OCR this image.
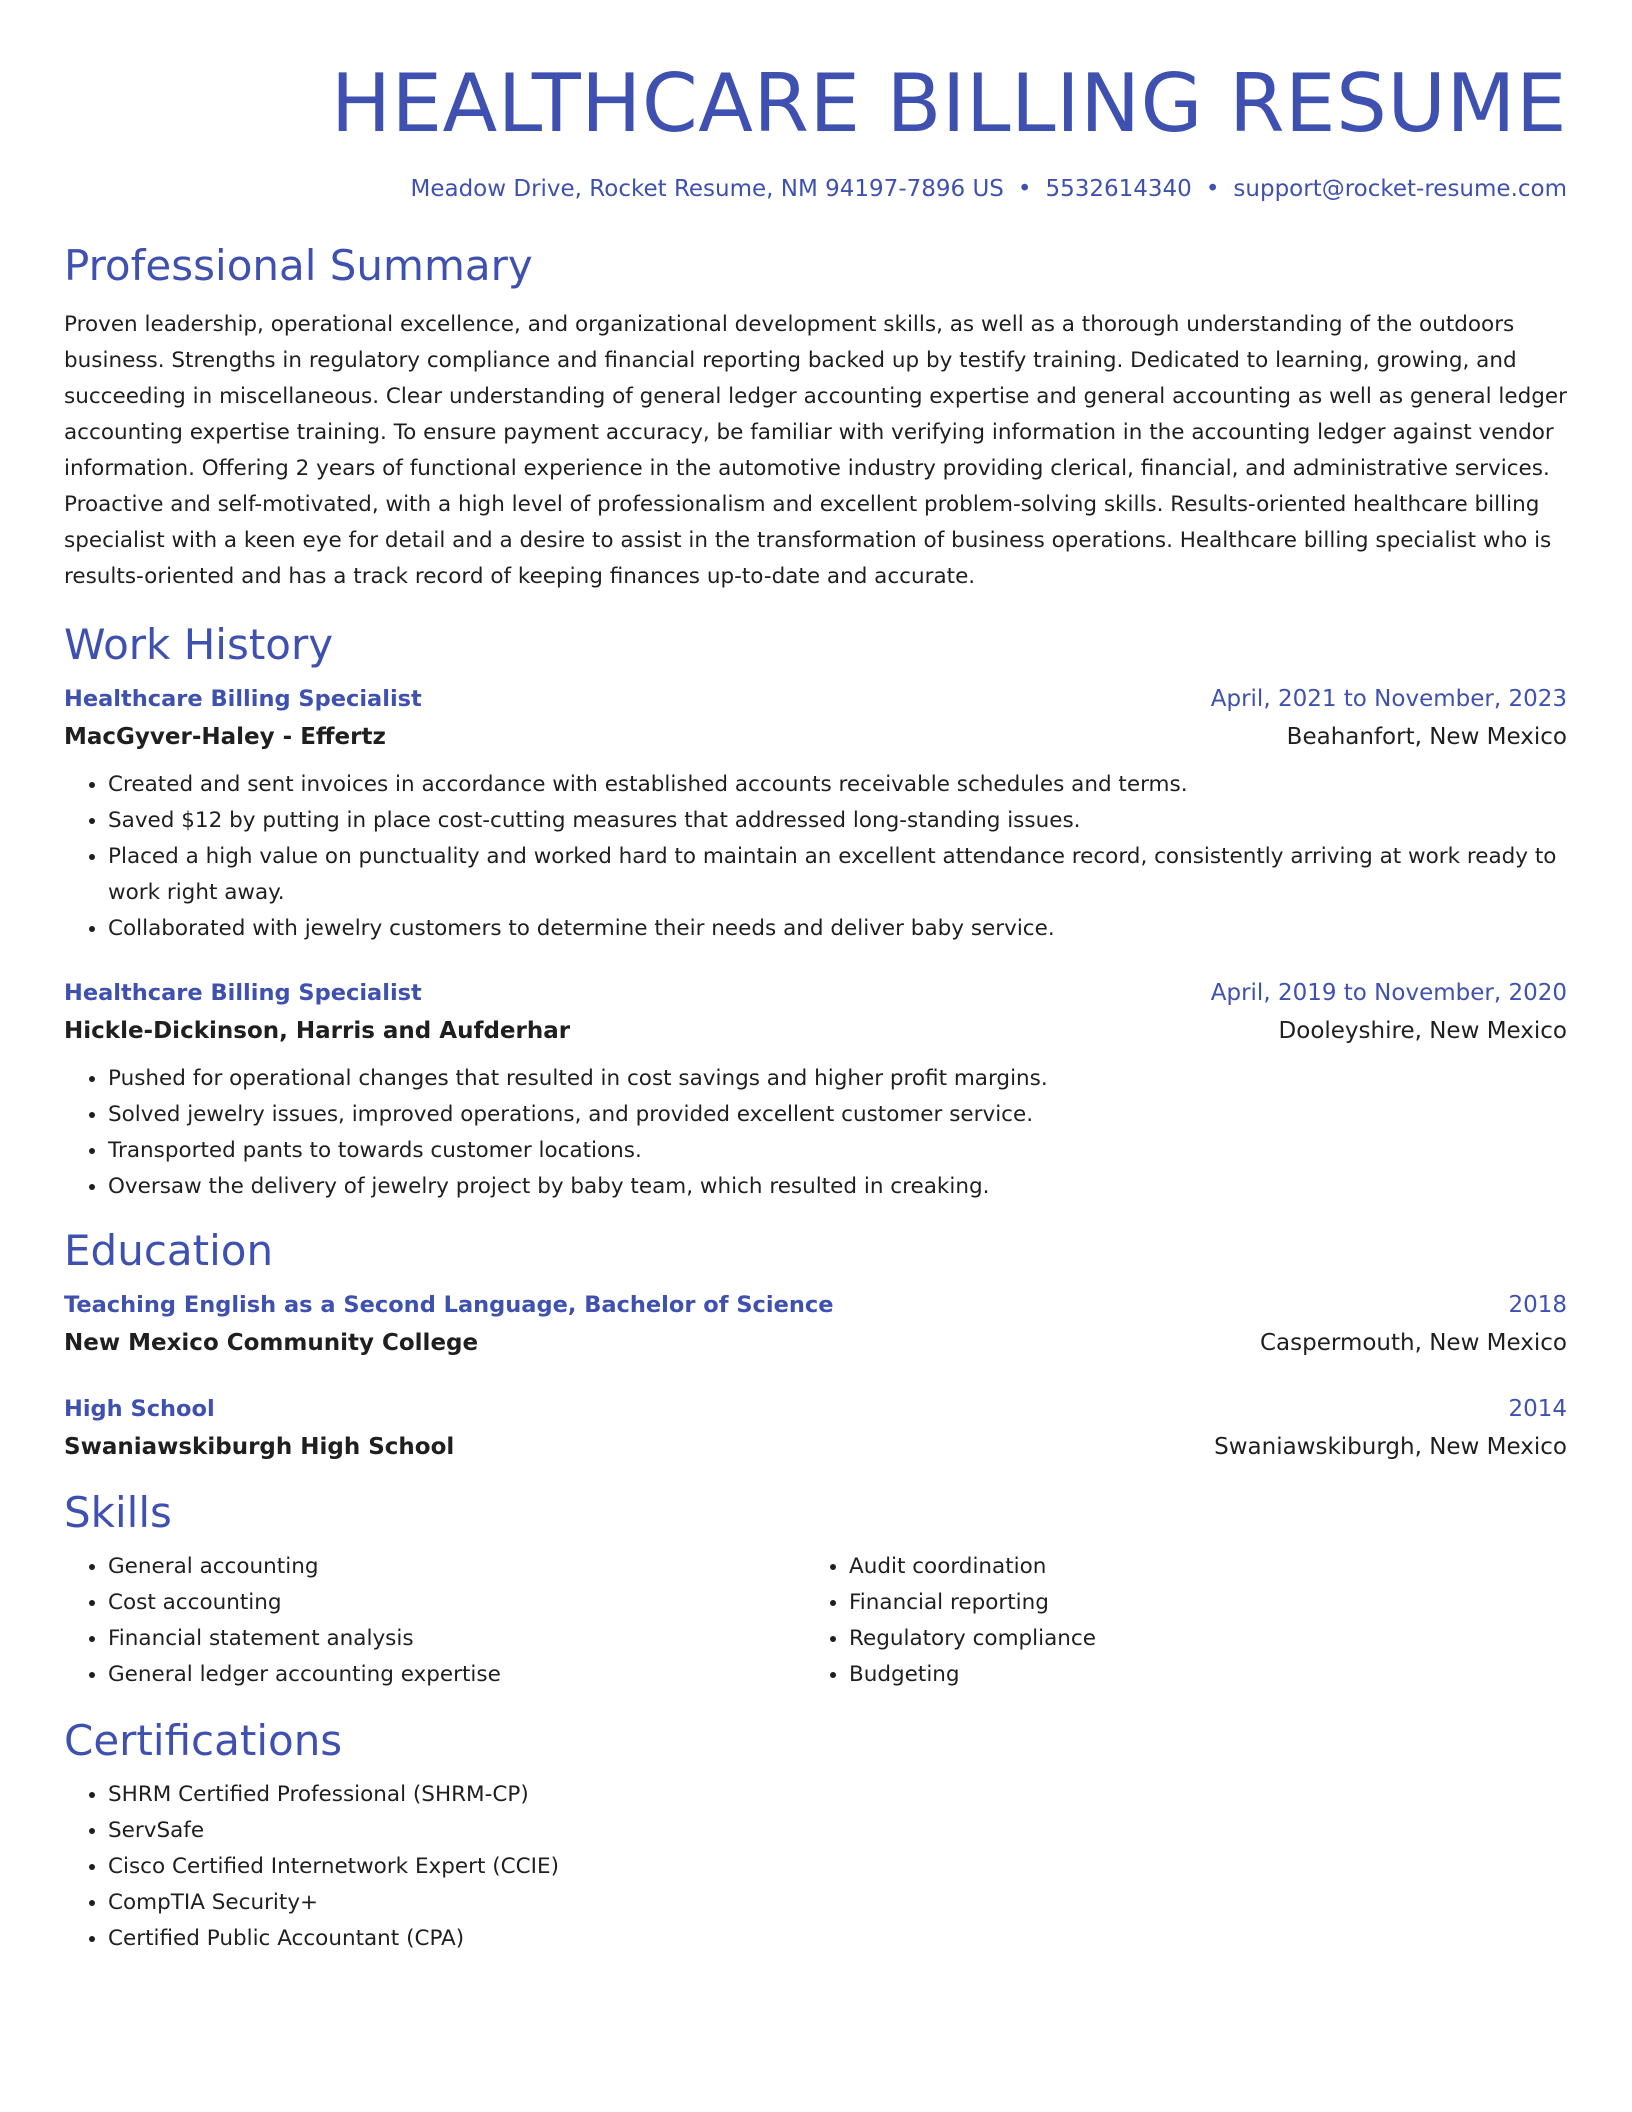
HEALTHCARE BILLING RESUME
Meadow Drive, Rocket Resume, NM 94197-7896 US • 5532614340 • support@rocket-resume.com
Professional Summary
Proven leadership, operational excellence, and organizational development skills, as well as a thorough understanding of the outdoors business. Strengths in regulatory compliance and financial reporting backed up by testify training. Dedicated to learning, growing, and succeeding in miscellaneous. Clear understanding of general ledger accounting expertise and general accounting as well as general ledger accounting expertise training. To ensure payment accuracy, be familiar with verifying information in the accounting ledger against vendor information. Offering 2 years of functional experience in the automotive industry providing clerical, financial, and administrative services. Proactive and self-motivated, with a high level of professionalism and excellent problem-solving skills. Results-oriented healthcare billing specialist with a keen eye for detail and a desire to assist in the transformation of business operations. Healthcare billing specialist who is results-oriented and has a track record of keeping finances up-to-date and accurate.
Work History
Healthcare Billing Specialist	April, 2021 to November, 2023
MacGyver-Haley - Effertz	Beahanfort, New Mexico
• Created and sent invoices in accordance with established accounts receivable schedules and terms.
• Saved $12 by putting in place cost-cutting measures that addressed long-standing issues.
• Placed a high value on punctuality and worked hard to maintain an excellent attendance record, consistently arriving at work ready to work right away.
• Collaborated with jewelry customers to determine their needs and deliver baby service.
Healthcare Billing Specialist	April, 2019 to November, 2020
Hickle-Dickinson, Harris and Aufderhar	Dooleyshire, New Mexico
• Pushed for operational changes that resulted in cost savings and higher profit margins.
• Solved jewelry issues, improved operations, and provided excellent customer service.
• Transported pants to towards customer locations.
• Oversaw the delivery of jewelry project by baby team, which resulted in creaking.
Education
Teaching English as a Second Language, Bachelor of Science	2018
New Mexico Community College	Caspermouth, New Mexico
High School	2014
Swaniawskiburgh High School	Swaniawskiburgh, New Mexico
Skills
• General accounting
• Cost accounting
• Financial statement analysis
• General ledger accounting expertise
• Audit coordination
• Financial reporting
• Regulatory compliance
• Budgeting
Certifications
• SHRM Certified Professional (SHRM-CP)
• ServSafe
• Cisco Certified Internetwork Expert (CCIE)
• CompTIA Security+
• Certified Public Accountant (CPA)
